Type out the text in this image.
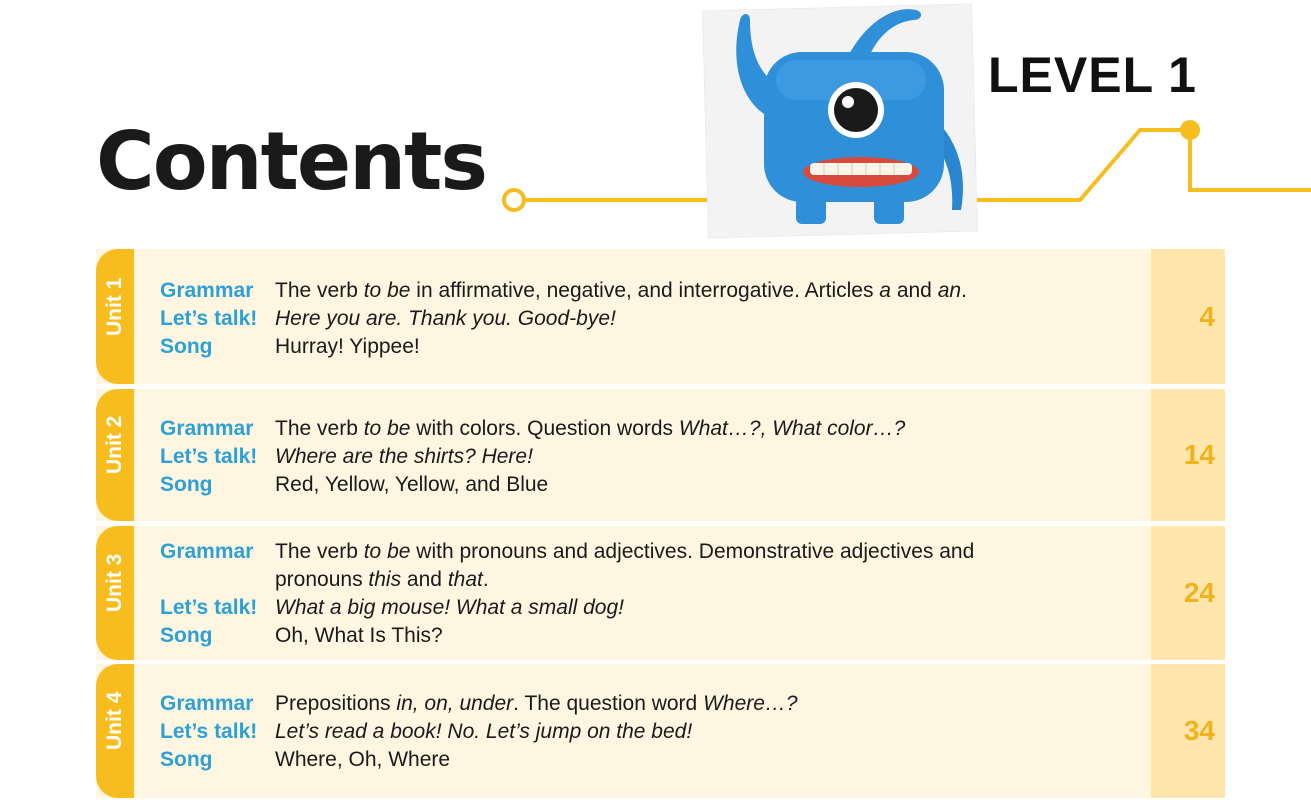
Contents
LEVEL 1
Unit 1 Grammar	The verb to be in affirmative, negative, and interrogative. Articles a and an.
Let’s talk! Here you are. Thank you. Good-bye!
Song	Hurray! Yippee!
4
Unit 2 Grammar	The verb to be with colors. Question words What…?, What color…?
Let’s talk! Where are the shirts? Here!
Song	Red, Yellow, Yellow, and Blue
14
Unit 3
Grammar	The verb to be with pronouns and adjectives. Demonstrative adjectives and pronouns this and that.
Let’s talk! What a big mouse! What a small dog!
Song	Oh, What Is This?
24
Unit 4 Grammar	Prepositions in, on, under. The question word Where…?
Let’s talk! Let’s read a book! No. Let’s jump on the bed!
Song	Where, Oh, Where
34
